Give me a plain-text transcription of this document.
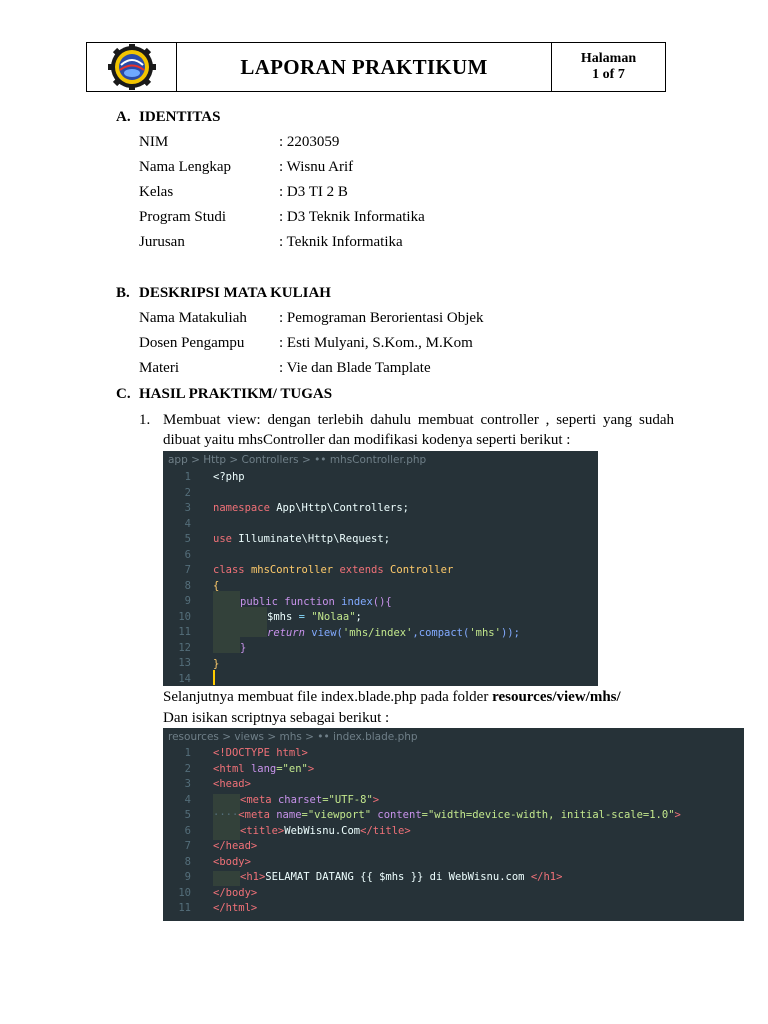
LAPORAN PRAKTIKUM	Halaman
1 of 7
A. IDENTITAS
NIM	: 2203059
Nama Lengkap	: Wisnu Arif
Kelas	: D3 TI 2 B
Program Studi	: D3 Teknik Informatika
Jurusan	: Teknik Informatika
B. DESKRIPSI MATA KULIAH
Nama Matakuliah : Pemograman Berorientasi Objek
Dosen Pengampu : Esti Mulyani, S.Kom., M.Kom
Materi	: Vie dan Blade Tamplate
C. HASIL PRAKTIKM/ TUGAS
1. Membuat view: dengan terlebih dahulu membuat controller , seperti yang sudah dibuat yaitu mhsController dan modifikasi kodenya seperti berikut :
app > Http > Controllers > •• mhsController.php
1
2
3
4
5
6
7
8
9
10
11
12
13
14
<?php
namespace App\Http\Controllers;
use Illuminate\Http\Request;
class mhsController extends Controller
{
public function index(){
$mhs = "Nolaa";
return view('mhs/index',compact('mhs'));
}
}
Selanjutnya membuat file index.blade.php pada folder resources/view/mhs/
Dan isikan scriptnya sebagai berikut :
resources > views > mhs > •• index.blade.php
1
2
3
4
5
6
7
8
9
10
11
<!DOCTYPE html>
<html lang="en">
<head>
<meta charset="UTF-8">
····<meta name="viewport" content="width=device-width, initial-scale=1.0">
<title>WebWisnu.Com</title>
</head>
<body>
<h1>SELAMAT DATANG {{ $mhs }} di WebWisnu.com </h1>
</body>
</html>
